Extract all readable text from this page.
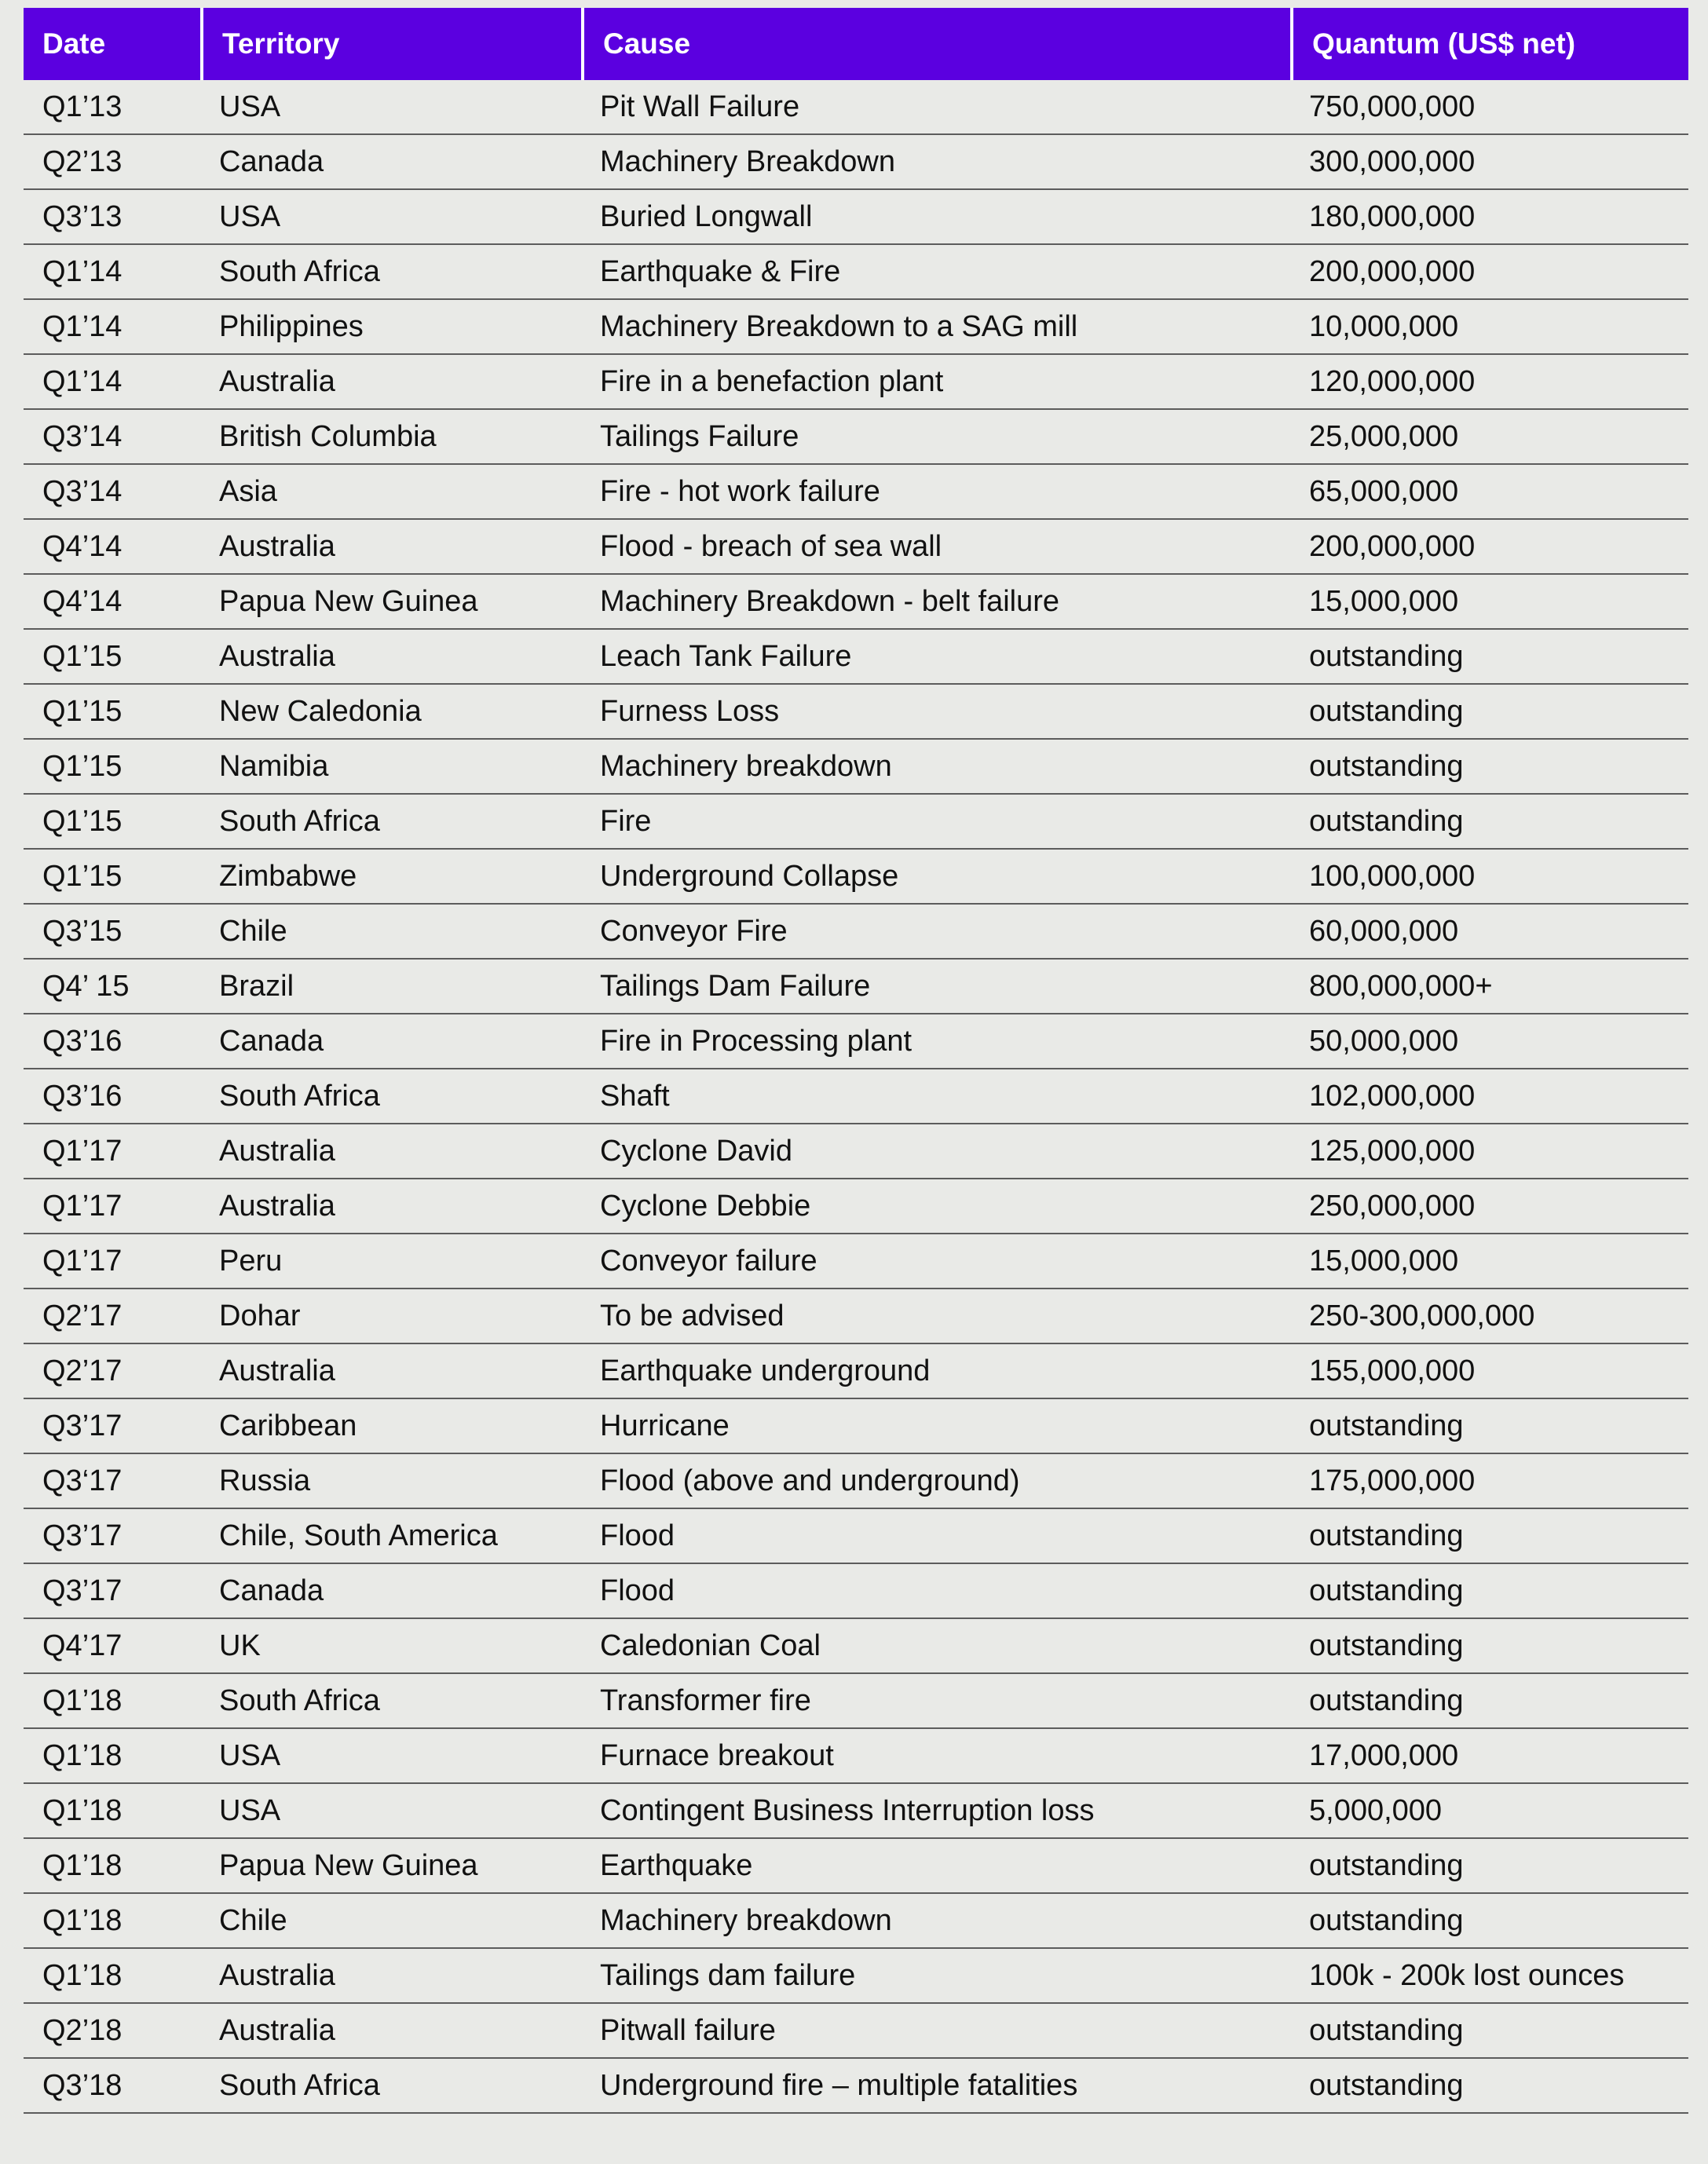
Date	Territory	Cause	Quantum (US$ net)
Q1’13	USA	Pit Wall Failure	750,000,000
Q2’13	Canada	Machinery Breakdown	300,000,000
Q3’13	USA	Buried Longwall	180,000,000
Q1’14	South Africa	Earthquake & Fire	200,000,000
Q1’14	Philippines	Machinery Breakdown to a SAG mill	10,000,000
Q1’14	Australia	Fire in a benefaction plant	120,000,000
Q3’14	British Columbia	Tailings Failure	25,000,000
Q3’14	Asia	Fire - hot work failure	65,000,000
Q4’14	Australia	Flood - breach of sea wall	200,000,000
Q4’14	Papua New Guinea	Machinery Breakdown - belt failure	15,000,000
Q1’15	Australia	Leach Tank Failure	outstanding
Q1’15	New Caledonia	Furness Loss	outstanding
Q1’15	Namibia	Machinery breakdown	outstanding
Q1’15	South Africa	Fire	outstanding
Q1’15	Zimbabwe	Underground Collapse	100,000,000
Q3’15	Chile	Conveyor Fire	60,000,000
Q4’ 15	Brazil	Tailings Dam Failure	800,000,000+
Q3’16	Canada	Fire in Processing plant	50,000,000
Q3’16	South Africa	Shaft	102,000,000
Q1’17	Australia	Cyclone David	125,000,000
Q1’17	Australia	Cyclone Debbie	250,000,000
Q1’17	Peru	Conveyor failure	15,000,000
Q2’17	Dohar	To be advised	250-300,000,000
Q2’17	Australia	Earthquake underground	155,000,000
Q3’17	Caribbean	Hurricane	outstanding
Q3‘17	Russia	Flood (above and underground)	175,000,000
Q3’17	Chile, South America	Flood	outstanding
Q3’17	Canada	Flood	outstanding
Q4’17	UK	Caledonian Coal	outstanding
Q1’18	South Africa	Transformer fire	outstanding
Q1’18	USA	Furnace breakout	17,000,000
Q1’18	USA	Contingent Business Interruption loss	5,000,000
Q1’18	Papua New Guinea	Earthquake	outstanding
Q1’18	Chile	Machinery breakdown	outstanding
Q1’18	Australia	Tailings dam failure	100k - 200k lost ounces
Q2’18	Australia	Pitwall failure	outstanding
Q3’18	South Africa	Underground fire – multiple fatalities	outstanding
